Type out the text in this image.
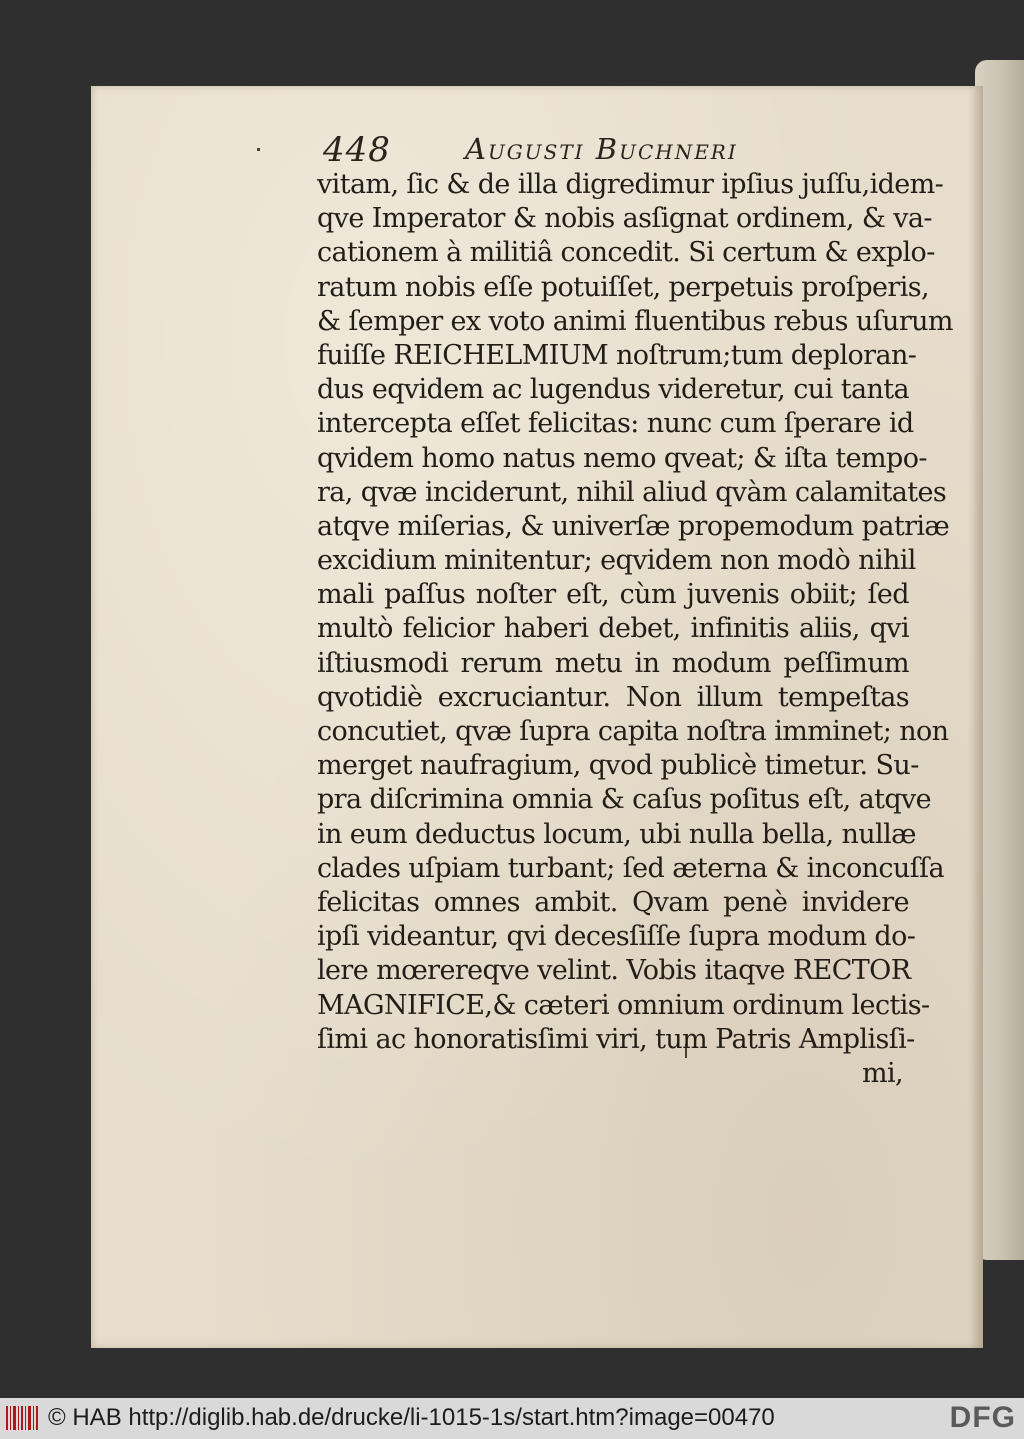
448	Augusti Buchneri
vitam, ſic & de illa digredimur ipſius juſſu,idem-
qve Imperator & nobis asſignat ordinem, & va-
cationem à militiâ concedit. Si certum & explo-
ratum nobis eſſe potuiſſet, perpetuis proſperis,
& ſemper ex voto animi fluentibus rebus uſurum
fuiſſe REICHELMIUM noſtrum;tum deploran-
dus eqvidem ac lugendus videretur, cui tanta
intercepta eſſet felicitas: nunc cum ſperare id
qvidem homo natus nemo qveat; & iſta tempo-
ra, qvæ inciderunt, nihil aliud qvàm calamitates
atqve miſerias, & univerſæ propemodum patriæ
excidium minitentur; eqvidem non modò nihil
mali paſſus noſter eſt, cùm juvenis obiit; ſed
multò felicior haberi debet, infinitis aliis, qvi
iſtiusmodi rerum metu in modum peſſimum
qvotidiè excruciantur. Non illum tempeſtas
concutiet, qvæ ſupra capita noſtra imminet; non
merget naufragium, qvod publicè timetur. Su-
pra diſcrimina omnia & caſus poſitus eſt, atqve
in eum deductus locum, ubi nulla bella, nullæ
clades uſpiam turbant; ſed æterna & inconcuſſa
felicitas omnes ambit. Qvam penè invidere
ipſi videantur, qvi decesſiſſe ſupra modum do-
lere mœrereqve velint. Vobis itaqve RECTOR
MAGNIFICE,& cæteri omnium ordinum lectis-
ſimi ac honoratisſimi viri, tum Patris Amplisſi-
mi,
© HAB http://diglib.hab.de/drucke/li-1015-1s/start.htm?image=00470	DFG
